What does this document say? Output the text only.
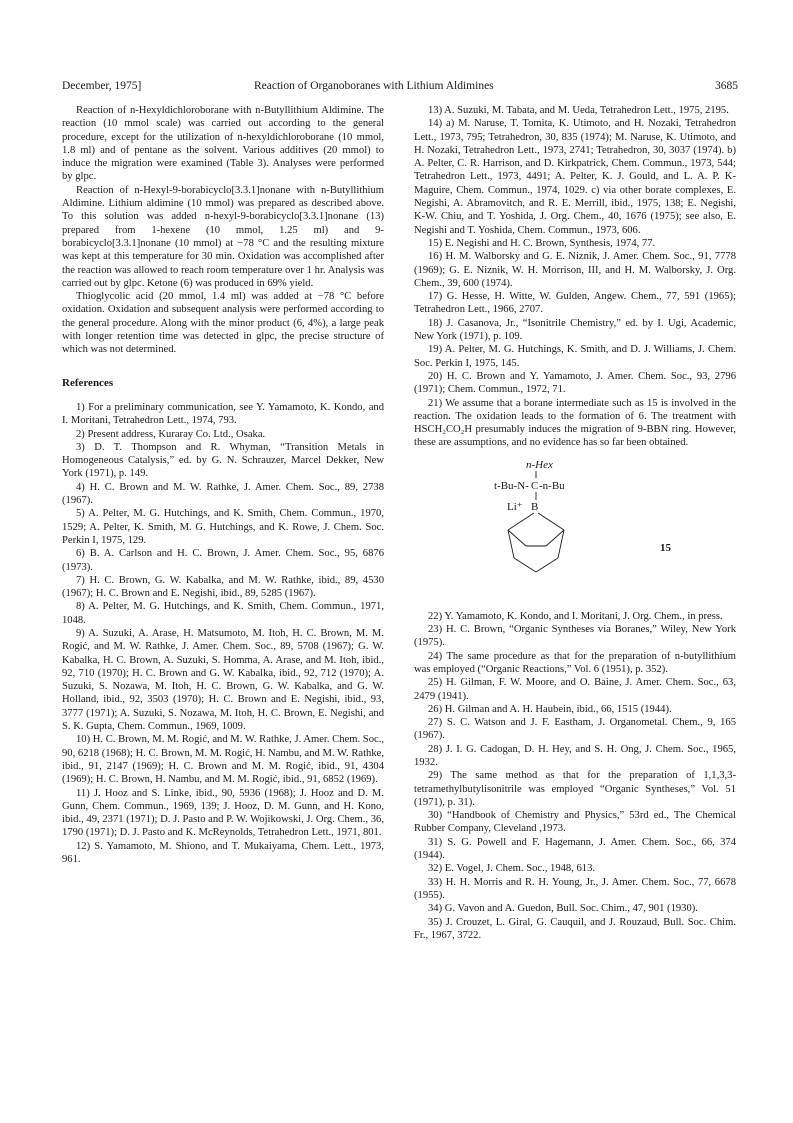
December, 1975]	Reaction of Organoboranes with Lithium Aldimines	3685

Reaction of n-Hexyldichloroborane with n-Butyllithium Aldimine. The reaction (10 mmol scale) was carried out according to the general procedure, except for the utilization of n-hexyldichloroborane (10 mmol, 1.8 ml) and of pentane as the solvent. Various additives (20 mmol) to induce the migration were examined (Table 3). Analyses were performed by glpc.

Reaction of n-Hexyl-9-borabicyclo[3.3.1]nonane with n-Butyllithium Aldimine. Lithium aldimine (10 mmol) was prepared as described above. To this solution was added n-hexyl-9-borabicyclo[3.3.1]nonane (13) prepared from 1-hexene (10 mmol, 1.25 ml) and 9-borabicyclo[3.3.1]nonane (10 mmol) at −78 °C and the resulting mixture was kept at this temperature for 30 min. Oxidation was accomplished after the reaction was allowed to reach room temperature over 1 hr. Analysis was carried out by glpc. Ketone (6) was produced in 69% yield.

Thioglycolic acid (20 mmol, 1.4 ml) was added at −78 °C before oxidation. Oxidation and subsequent analysis were performed according to the general procedure. Along with the minor product (6, 4%), a large peak with longer retention time was detected in glpc, the precise structure of which was not determined.

References

1) For a preliminary communication, see Y. Yamamoto, K. Kondo, and I. Moritani, Tetrahedron Lett., 1974, 793.

2) Present address, Kuraray Co. Ltd., Osaka.

3) D. T. Thompson and R. Whyman, “Transition Metals in Homogeneous Catalysis,” ed. by G. N. Schrauzer, Marcel Dekker, New York (1971), p. 149.

4) H. C. Brown and M. W. Rathke, J. Amer. Chem. Soc., 89, 2738 (1967).

5) A. Pelter, M. G. Hutchings, and K. Smith, Chem. Commun., 1970, 1529; A. Pelter, K. Smith, M. G. Hutchings, and K. Rowe, J. Chem. Soc. Perkin I, 1975, 129.

6) B. A. Carlson and H. C. Brown, J. Amer. Chem. Soc., 95, 6876 (1973).

7) H. C. Brown, G. W. Kabalka, and M. W. Rathke, ibid., 89, 4530 (1967); H. C. Brown and E. Negishi, ibid., 89, 5285 (1967).

8) A. Pelter, M. G. Hutchings, and K. Smith, Chem. Commun., 1971, 1048.

9) A. Suzuki, A. Arase, H. Matsumoto, M. Itoh, H. C. Brown, M. M. Rogić, and M. W. Rathke, J. Amer. Chem. Soc., 89, 5708 (1967); G. W. Kabalka, H. C. Brown, A. Suzuki, S. Homma, A. Arase, and M. Itoh, ibid., 92, 710 (1970); H. C. Brown and G. W. Kabalka, ibid., 92, 712 (1970); A. Suzuki, S. Nozawa, M. Itoh, H. C. Brown, G. W. Kabalka, and G. W. Holland, ibid., 92, 3503 (1970); H. C. Brown and E. Negishi, ibid., 93, 3777 (1971); A. Suzuki, S. Nozawa, M. Itoh, H. C. Brown, E. Negishi, and S. K. Gupta, Chem. Commun., 1969, 1009.

10) H. C. Brown, M. M. Rogić, and M. W. Rathke, J. Amer. Chem. Soc., 90, 6218 (1968); H. C. Brown, M. M. Rogić, H. Nambu, and M. W. Rathke, ibid., 91, 2147 (1969); H. C. Brown and M. M. Rogić, ibid., 91, 4304 (1969); H. C. Brown, H. Nambu, and M. M. Rogić, ibid., 91, 6852 (1969).

11) J. Hooz and S. Linke, ibid., 90, 5936 (1968); J. Hooz and D. M. Gunn, Chem. Commun., 1969, 139; J. Hooz, D. M. Gunn, and H. Kono, ibid., 49, 2371 (1971); D. J. Pasto and P. W. Wojikowski, J. Org. Chem., 36, 1790 (1971); D. J. Pasto and K. McReynolds, Tetrahedron Lett., 1971, 801.

12) S. Yamamoto, M. Shiono, and T. Mukaiyama, Chem. Lett., 1973, 961.

13) A. Suzuki, M. Tabata, and M. Ueda, Tetrahedron Lett., 1975, 2195.

14) a) M. Naruse, T. Tomita, K. Utimoto, and H. Nozaki, Tetrahedron Lett., 1973, 795; Tetrahedron, 30, 835 (1974); M. Naruse, K. Utimoto, and H. Nozaki, Tetrahedron Lett., 1973, 2741; Tetrahedron, 30, 3037 (1974). b) A. Pelter, C. R. Harrison, and D. Kirkpatrick, Chem. Commun., 1973, 544; Tetrahedron Lett., 1973, 4491; A. Pelter, K. J. Gould, and L. A. P. K-Maguire, Chem. Commun., 1974, 1029. c) via other borate complexes, E. Negishi, A. Abramovitch, and R. E. Merrill, ibid., 1975, 138; E. Negishi, K-W. Chiu, and T. Yoshida, J. Org. Chem., 40, 1676 (1975); see also, E. Negishi and T. Yoshida, Chem. Commun., 1973, 606.

15) E. Negishi and H. C. Brown, Synthesis, 1974, 77.

16) H. M. Walborsky and G. E. Niznik, J. Amer. Chem. Soc., 91, 7778 (1969); G. E. Niznik, W. H. Morrison, III, and H. M. Walborsky, J. Org. Chem., 39, 600 (1974).

17) G. Hesse, H. Witte, W. Gulden, Angew. Chem., 77, 591 (1965); Tetrahedron Lett., 1966, 2707.

18) J. Casanova, Jr., “Isonitrile Chemistry,” ed. by I. Ugi, Academic, New York (1971), p. 109.

19) A. Pelter, M. G. Hutchings, K. Smith, and D. J. Williams, J. Chem. Soc. Perkin I, 1975, 145.

20) H. C. Brown and Y. Yamamoto, J. Amer. Chem. Soc., 93, 2796 (1971); Chem. Commun., 1972, 71.

21) We assume that a borane intermediate such as 15 is involved in the reaction. The oxidation leads to the formation of 6. The treatment with HSCH₂CO₂H presumably induces the migration of 9-BBN ring. However, these are assumptions, and no evidence has so far been obtained.

n-Hex
t-Bu-N- C -n-Bu
Li⁺ B
15

22) Y. Yamamoto, K. Kondo, and I. Moritani, J. Org. Chem., in press.

23) H. C. Brown, “Organic Syntheses via Boranes,” Wiley, New York (1975).

24) The same procedure as that for the preparation of n-butyllithium was employed (“Organic Reactions,” Vol. 6 (1951), p. 352).

25) H. Gilman, F. W. Moore, and O. Baine, J. Amer. Chem. Soc., 63, 2479 (1941).

26) H. Gilman and A. H. Haubein, ibid., 66, 1515 (1944).

27) S. C. Watson and J. F. Eastham, J. Organometal. Chem., 9, 165 (1967).

28) J. I. G. Cadogan, D. H. Hey, and S. H. Ong, J. Chem. Soc., 1965, 1932.

29) The same method as that for the preparation of 1,1,3,3-tetramethylbutylisonitrile was employed “Organic Syntheses,” Vol. 51 (1971), p. 31).

30) “Handbook of Chemistry and Physics,” 53rd ed., The Chemical Rubber Company, Cleveland ,1973.

31) S. G. Powell and F. Hagemann, J. Amer. Chem. Soc., 66, 374 (1944).

32) E. Vogel, J. Chem. Soc., 1948, 613.

33) H. H. Morris and R. H. Young, Jr., J. Amer. Chem. Soc., 77, 6678 (1955).

34) G. Vavon and A. Guedon, Bull. Soc. Chim., 47, 901 (1930).

35) J. Crouzet, L. Giral, G. Cauquil, and J. Rouzaud, Bull. Soc. Chim. Fr., 1967, 3722.
